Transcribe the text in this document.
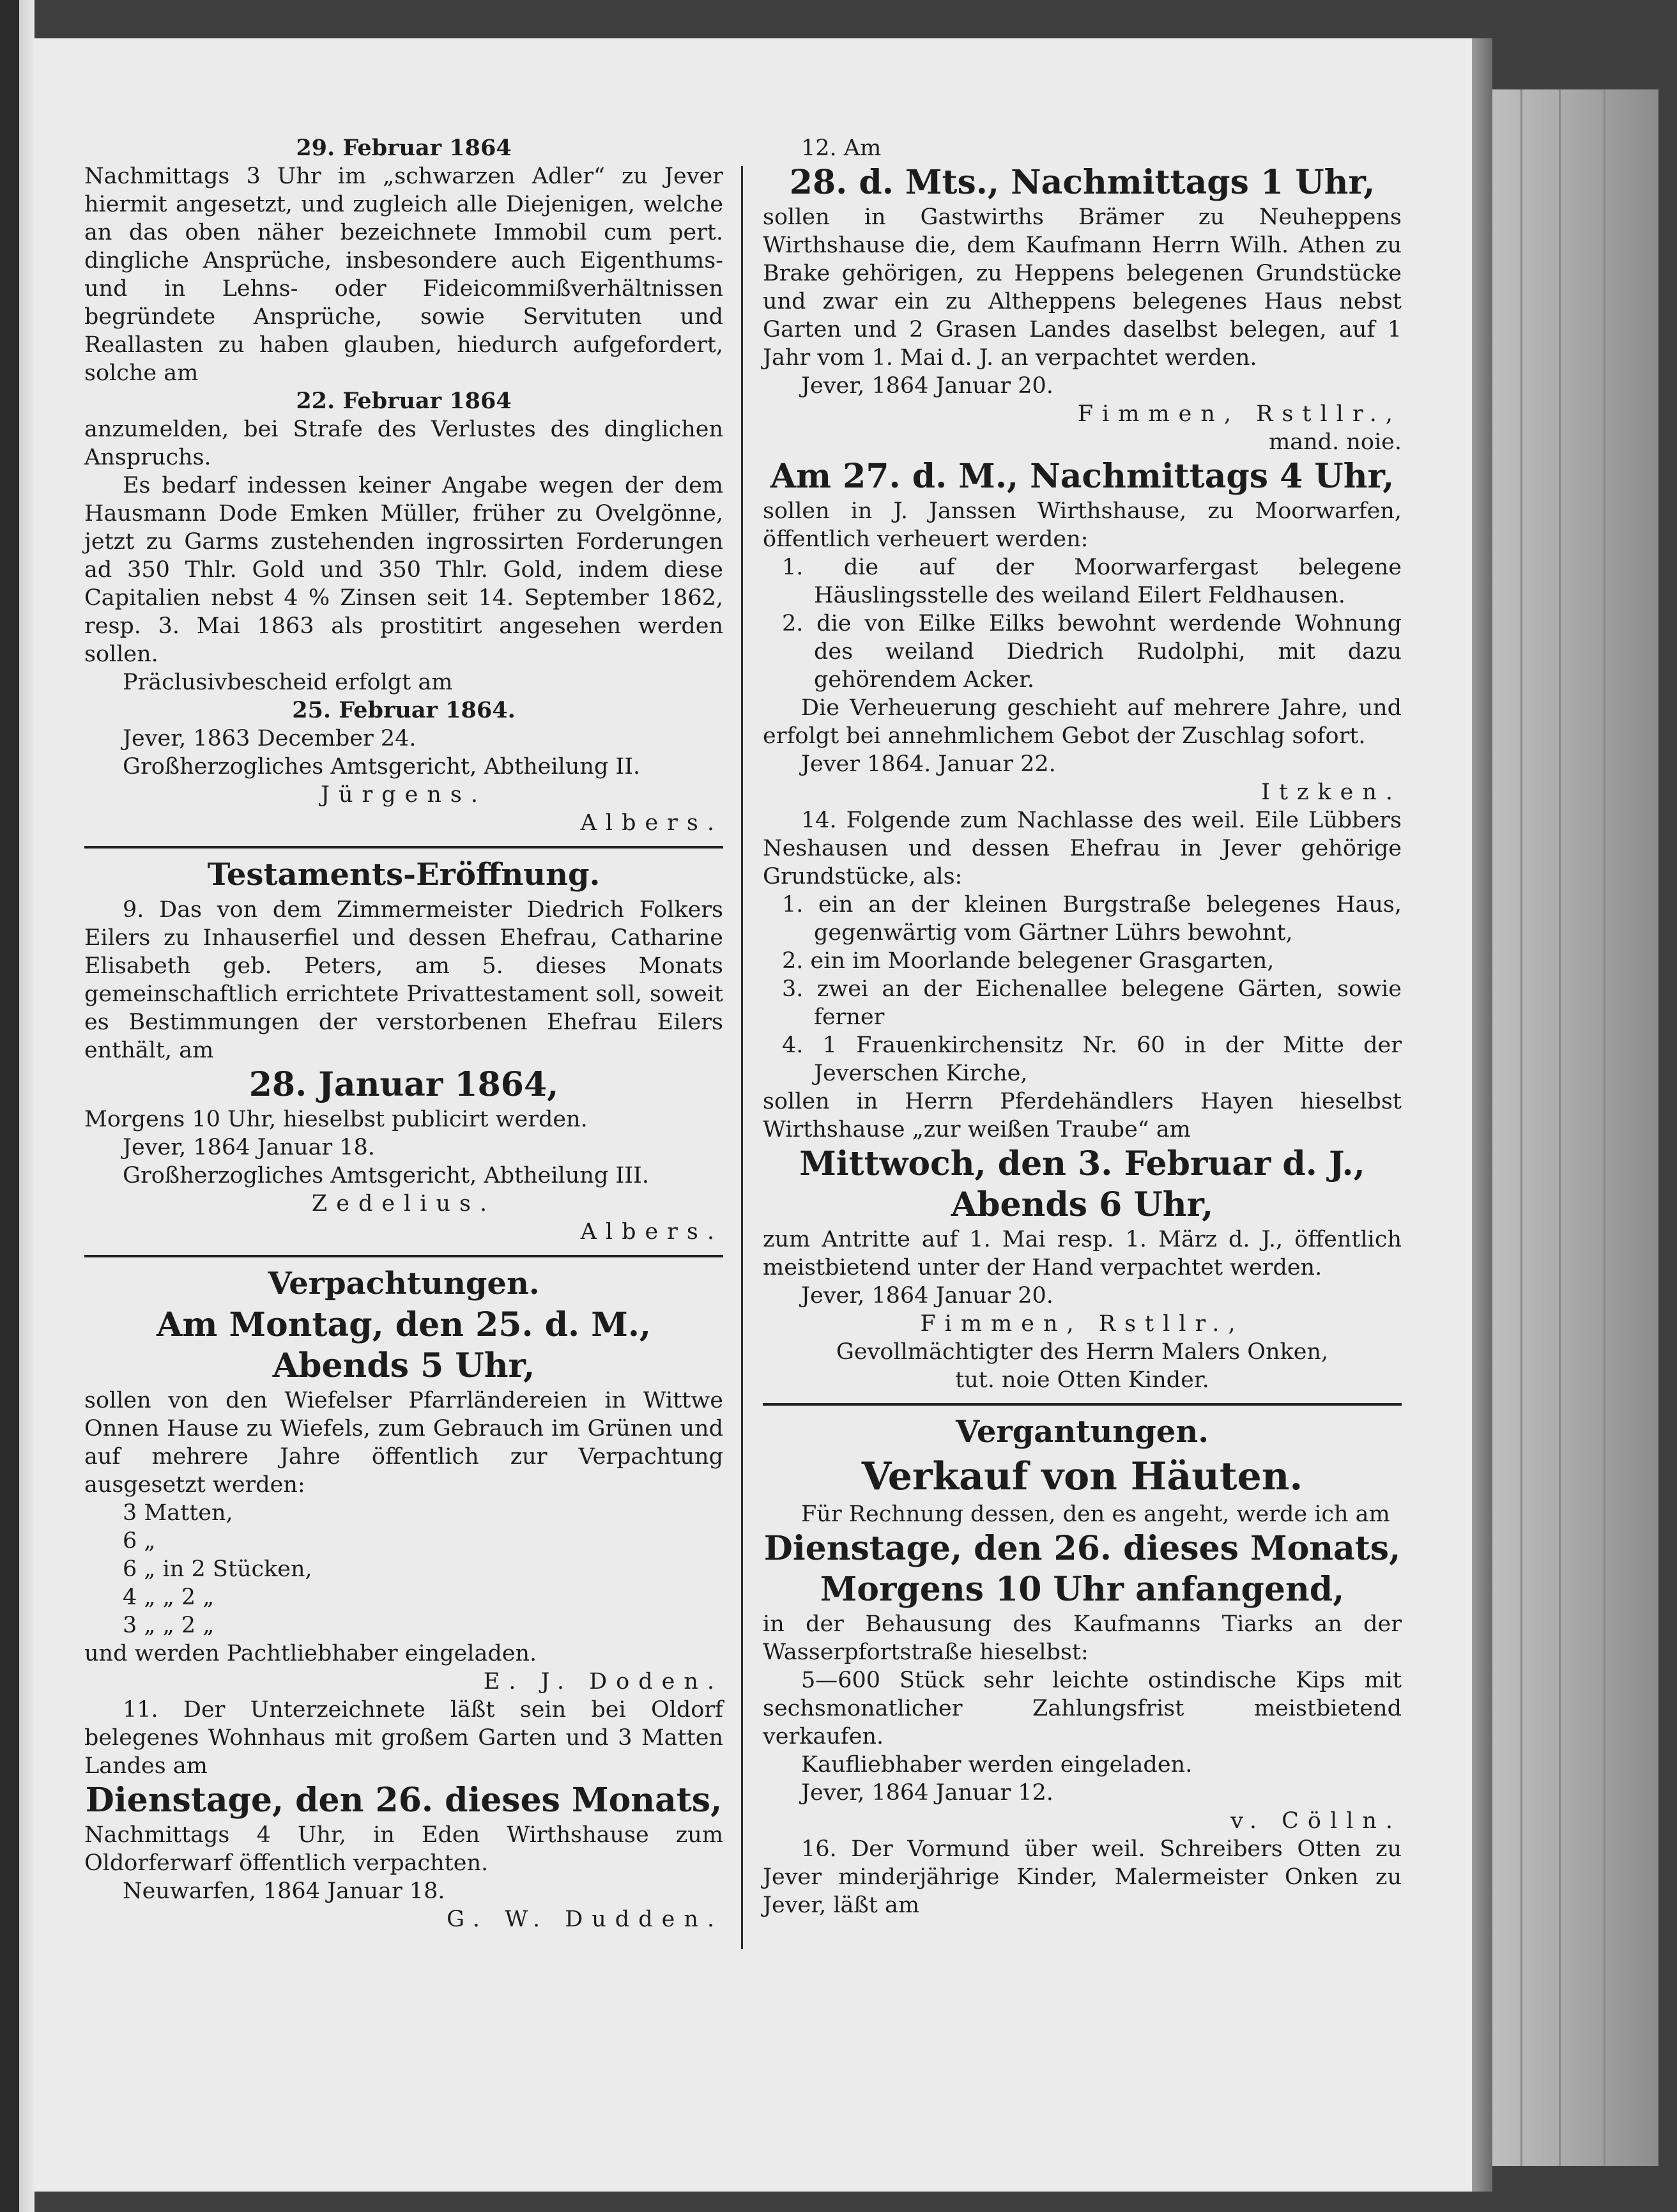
29. Februar 1864

Nachmittags 3 Uhr im „schwarzen Adler“ zu Jever hiermit angesetzt, und zugleich alle Diejenigen, welche an das oben näher bezeichnete Immobil cum pert. dingliche Ansprüche, insbesondere auch Eigenthums- und in Lehns- oder Fideicommißverhältnissen begründete Ansprüche, sowie Servituten und Reallasten zu haben glauben, hiedurch aufgefordert, solche am

22. Februar 1864

anzumelden, bei Strafe des Verlustes des dinglichen Anspruchs.

Es bedarf indessen keiner Angabe wegen der dem Hausmann Dode Emken Müller, früher zu Ovelgönne, jetzt zu Garms zustehenden ingrossirten Forderungen ad 350 Thlr. Gold und 350 Thlr. Gold, indem diese Capitalien nebst 4 % Zinsen seit 14. September 1862, resp. 3. Mai 1863 als prostitirt angesehen werden sollen.

Präclusivbescheid erfolgt am

25. Februar 1864.

Jever, 1863 December 24.

Großherzogliches Amtsgericht, Abtheilung II.

Jürgens.

Albers.

Testaments-Eröffnung.

9. Das von dem Zimmermeister Diedrich Folkers Eilers zu Inhauserfiel und dessen Ehefrau, Catharine Elisabeth geb. Peters, am 5. dieses Monats gemeinschaftlich errichtete Privattestament soll, soweit es Bestimmungen der verstorbenen Ehefrau Eilers enthält, am

28. Januar 1864,

Morgens 10 Uhr, hieselbst publicirt werden.

Jever, 1864 Januar 18.

Großherzogliches Amtsgericht, Abtheilung III.

Zedelius.

Albers.

Verpachtungen.

Am Montag, den 25. d. M.,

Abends 5 Uhr,

sollen von den Wiefelser Pfarrländereien in Wittwe Onnen Hause zu Wiefels, zum Gebrauch im Grünen und auf mehrere Jahre öffentlich zur Verpachtung ausgesetzt werden:

3 Matten,

6 „

6 „ in 2 Stücken,

4 „ „ 2 „

3 „ „ 2 „

und werden Pachtliebhaber eingeladen.

E. J. Doden.

11. Der Unterzeichnete läßt sein bei Oldorf belegenes Wohnhaus mit großem Garten und 3 Matten Landes am

Dienstage, den 26. dieses Monats,

Nachmittags 4 Uhr, in Eden Wirthshause zum Oldorferwarf öffentlich verpachten.

Neuwarfen, 1864 Januar 18.

G. W. Dudden.

12. Am

28. d. Mts., Nachmittags 1 Uhr,

sollen in Gastwirths Brämer zu Neuheppens Wirthshause die, dem Kaufmann Herrn Wilh. Athen zu Brake gehörigen, zu Heppens belegenen Grundstücke und zwar ein zu Altheppens belegenes Haus nebst Garten und 2 Grasen Landes daselbst belegen, auf 1 Jahr vom 1. Mai d. J. an verpachtet werden.

Jever, 1864 Januar 20.

Fimmen, Rstllr.,

mand. noie.

Am 27. d. M., Nachmittags 4 Uhr,

sollen in J. Janssen Wirthshause, zu Moorwarfen, öffentlich verheuert werden:

1. die auf der Moorwarfergast belegene Häuslingsstelle des weiland Eilert Feldhausen.

2. die von Eilke Eilks bewohnt werdende Wohnung des weiland Diedrich Rudolphi, mit dazu gehörendem Acker.

Die Verheuerung geschieht auf mehrere Jahre, und erfolgt bei annehmlichem Gebot der Zuschlag sofort.

Jever 1864. Januar 22.

Itzken.

14. Folgende zum Nachlasse des weil. Eile Lübbers Neshausen und dessen Ehefrau in Jever gehörige Grundstücke, als:

1. ein an der kleinen Burgstraße belegenes Haus, gegenwärtig vom Gärtner Lührs bewohnt,

2. ein im Moorlande belegener Grasgarten,

3. zwei an der Eichenallee belegene Gärten, sowie ferner

4. 1 Frauenkirchensitz Nr. 60 in der Mitte der Jeverschen Kirche,

sollen in Herrn Pferdehändlers Hayen hieselbst Wirthshause „zur weißen Traube“ am

Mittwoch, den 3. Februar d. J.,

Abends 6 Uhr,

zum Antritte auf 1. Mai resp. 1. März d. J., öffentlich meistbietend unter der Hand verpachtet werden.

Jever, 1864 Januar 20.

Fimmen, Rstllr.,

Gevollmächtigter des Herrn Malers Onken,

tut. noie Otten Kinder.

Vergantungen.

Verkauf von Häuten.

Für Rechnung dessen, den es angeht, werde ich am

Dienstage, den 26. dieses Monats,

Morgens 10 Uhr anfangend,

in der Behausung des Kaufmanns Tiarks an der Wasserpfortstraße hieselbst:

5—600 Stück sehr leichte ostindische Kips mit sechsmonatlicher Zahlungsfrist meistbietend verkaufen.

Kaufliebhaber werden eingeladen.

Jever, 1864 Januar 12.

v. Cölln.

16. Der Vormund über weil. Schreibers Otten zu Jever minderjährige Kinder, Malermeister Onken zu Jever, läßt am
